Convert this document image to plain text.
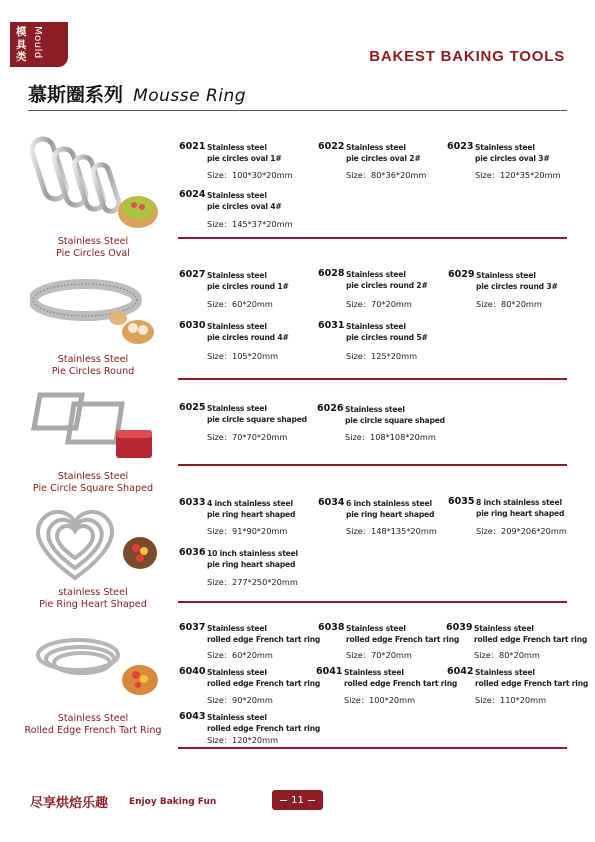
模具类 Mould	BAKEST BAKING TOOLS
慕斯圈系列 Mousse Ring
Stainless Steel
Pie Circles Oval
6021 Stainless steel
pie circles oval 1#
Size：100*30*20mm
6022 Stainless steel
pie circles oval 2#
Size：80*36*20mm
6023 Stainless steel
pie circles oval 3#
Size：120*35*20mm
6024 Stainless steel
pie circles oval 4#
Size：145*37*20mm
Stainless Steel
Pie Circles Round
6027 Stainless steel
pie circles round 1#
Size：60*20mm
6028 Stainless steel
pie circles round 2#
Size：70*20mm
6029 Stainless steel
pie circles round 3#
Size：80*20mm
6030 Stainless steel
pie circles round 4#
Size：105*20mm
6031 Stainless steel
pie circles round 5#
Size：125*20mm
Stainless Steel
Pie Circle Square Shaped
6025 Stainless steel
pie circle square shaped
Size：70*70*20mm
6026 Stainless steel
pie circle square shaped
Size：108*108*20mm
stainless Steel
Pie Ring Heart Shaped
6033 4 inch stainless steel
pie ring heart shaped
Size：91*90*20mm
6034 6 inch stainless steel
pie ring heart shaped
Size：148*135*20mm
6035 8 inch stainless steel
pie ring heart shaped
Size：209*206*20mm
6036 10 inch stainless steel
pie ring heart shaped
Size：277*250*20mm
Stainless Steel
Rolled Edge French Tart Ring
6037 Stainless steel
rolled edge French tart ring
Size：60*20mm
6038 Stainless steel
rolled edge French tart ring
Size：70*20mm
6039 Stainless steel
rolled edge French tart ring
Size：80*20mm
6040 Stainless steel
rolled edge French tart ring
Size：90*20mm
6041 Stainless steel
rolled edge French tart ring
Size：100*20mm
6042 Stainless steel
rolled edge French tart ring
Size：110*20mm
6043 Stainless steel
rolled edge French tart ring
Size：120*20mm
尽享烘焙乐趣 Enjoy Baking Fun	11
